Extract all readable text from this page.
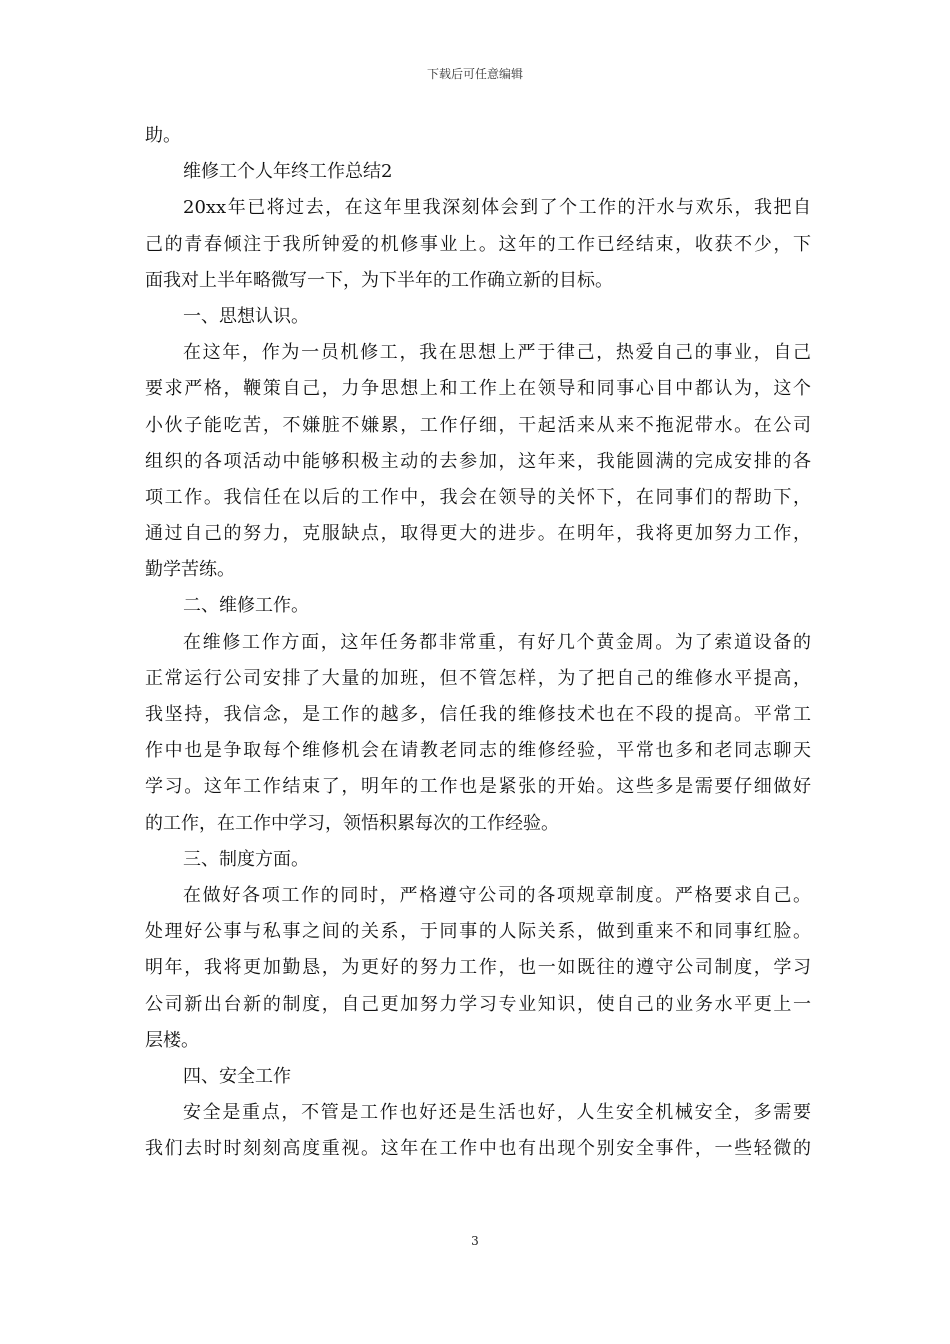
下载后可任意编辑
助。
维修工个人年终工作总结2
20xx年已将过去，在这年里我深刻体会到了个工作的汗水与欢乐，我把自
己的青春倾注于我所钟爱的机修事业上。这年的工作已经结束，收获不少，下
面我对上半年略微写一下，为下半年的工作确立新的目标。
一、思想认识。
在这年，作为一员机修工，我在思想上严于律己，热爱自己的事业，自己
要求严格，鞭策自己，力争思想上和工作上在领导和同事心目中都认为，这个
小伙子能吃苦，不嫌脏不嫌累，工作仔细，干起活来从来不拖泥带水。在公司
组织的各项活动中能够积极主动的去参加，这年来，我能圆满的完成安排的各
项工作。我信任在以后的工作中，我会在领导的关怀下，在同事们的帮助下，
通过自己的努力，克服缺点，取得更大的进步。在明年，我将更加努力工作，
勤学苦练。
二、维修工作。
在维修工作方面，这年任务都非常重，有好几个黄金周。为了索道设备的
正常运行公司安排了大量的加班，但不管怎样，为了把自己的维修水平提高，
我坚持，我信念，是工作的越多，信任我的维修技术也在不段的提高。平常工
作中也是争取每个维修机会在请教老同志的维修经验，平常也多和老同志聊天
学习。这年工作结束了，明年的工作也是紧张的开始。这些多是需要仔细做好
的工作，在工作中学习，领悟积累每次的工作经验。
三、制度方面。
在做好各项工作的同时，严格遵守公司的各项规章制度。严格要求自己。
处理好公事与私事之间的关系，于同事的人际关系，做到重来不和同事红脸。
明年，我将更加勤恳，为更好的努力工作，也一如既往的遵守公司制度，学习
公司新出台新的制度，自己更加努力学习专业知识，使自己的业务水平更上一
层楼。
四、安全工作
安全是重点，不管是工作也好还是生活也好，人生安全机械安全，多需要
我们去时时刻刻高度重视。这年在工作中也有出现个别安全事件，一些轻微的
3
